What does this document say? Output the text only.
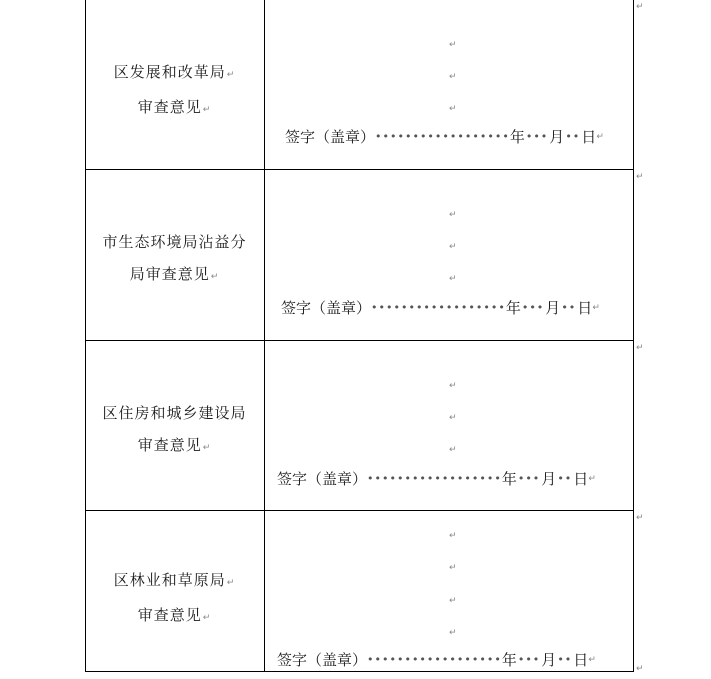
↵
区发展和改革局↵
审查意见↵
↵
↵
↵
签字（盖章） •••••••••••••••••• 年 ••• 月 •• 日 ↵
↵
市生态环境局沾益分
局审查意见↵
↵
↵
↵
签字（盖章） •••••••••••••••••• 年 ••• 月 •• 日 ↵
↵
区住房和城乡建设局
审查意见↵
↵
↵
↵
签字（盖章） •••••••••••••••••• 年 ••• 月 •• 日 ↵
↵
区林业和草原局↵
审查意见↵
↵
↵
↵
↵
签字（盖章） •••••••••••••••••• 年 ••• 月 •• 日 ↵
↵
